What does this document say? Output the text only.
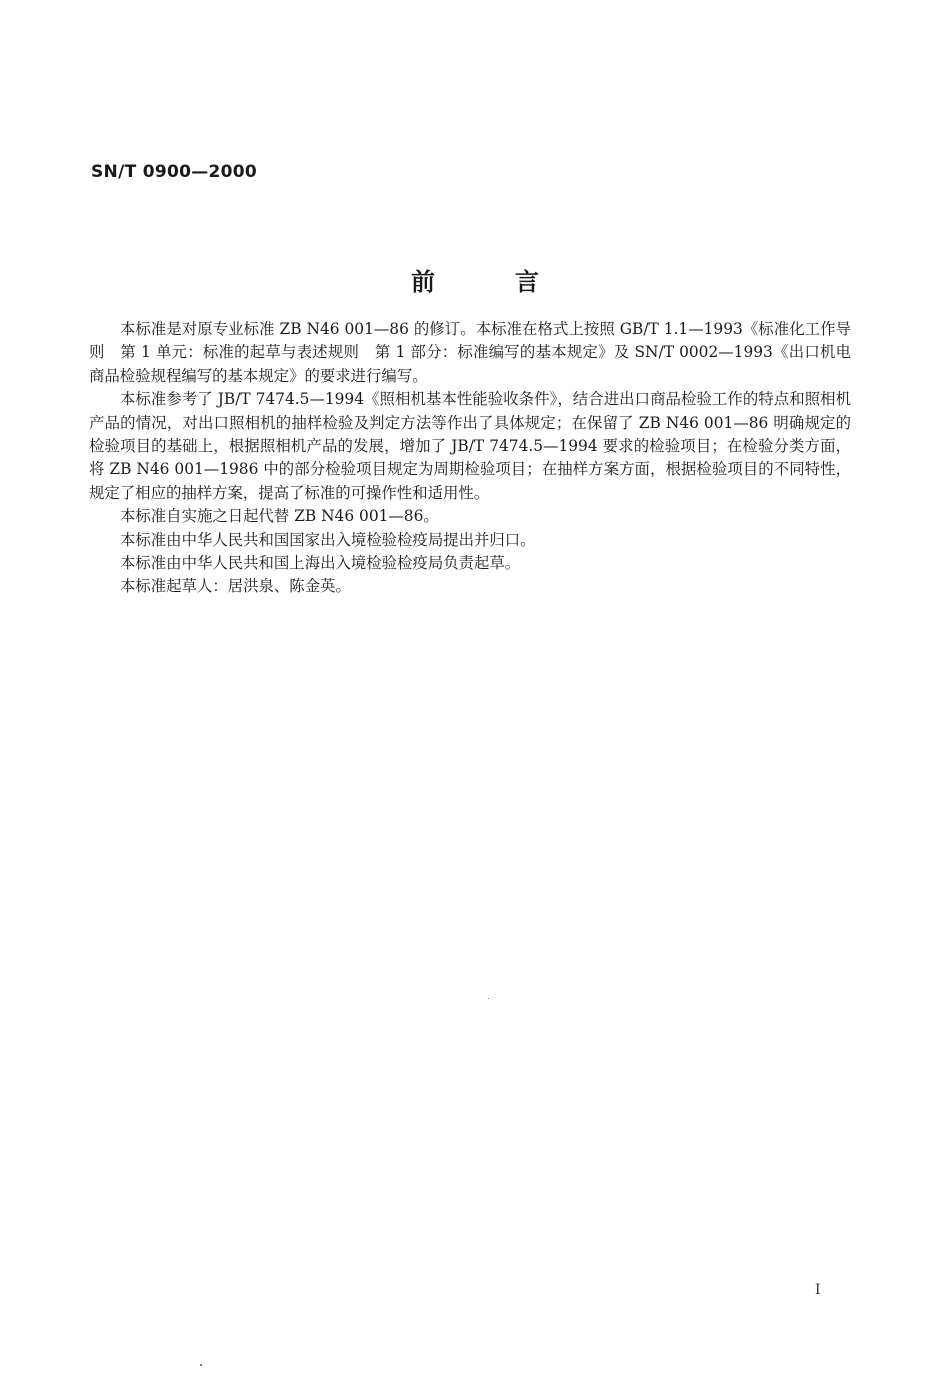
SN/T 0900—2000
前言

本标准是对原专业标准 ZB N46 001—86 的修订。本标准在格式上按照 GB/T 1.1—1993《标准化工作导则　第 1 单元：标准的起草与表述规则　第 1 部分：标准编写的基本规定》及 SN/T 0002—1993《出口机电商品检验规程编写的基本规定》的要求进行编写。

本标准参考了 JB/T 7474.5—1994《照相机基本性能验收条件》，结合进出口商品检验工作的特点和照相机产品的情况，对出口照相机的抽样检验及判定方法等作出了具体规定；在保留了 ZB N46 001—86 明确规定的检验项目的基础上，根据照相机产品的发展，增加了 JB/T 7474.5—1994 要求的检验项目；在检验分类方面，将 ZB N46 001—1986 中的部分检验项目规定为周期检验项目；在抽样方案方面，根据检验项目的不同特性，规定了相应的抽样方案，提高了标准的可操作性和适用性。

本标准自实施之日起代替 ZB N46 001—86。

本标准由中华人民共和国国家出入境检验检疫局提出并归口。

本标准由中华人民共和国上海出入境检验检疫局负责起草。

本标准起草人：居洪泉、陈金英。

I
